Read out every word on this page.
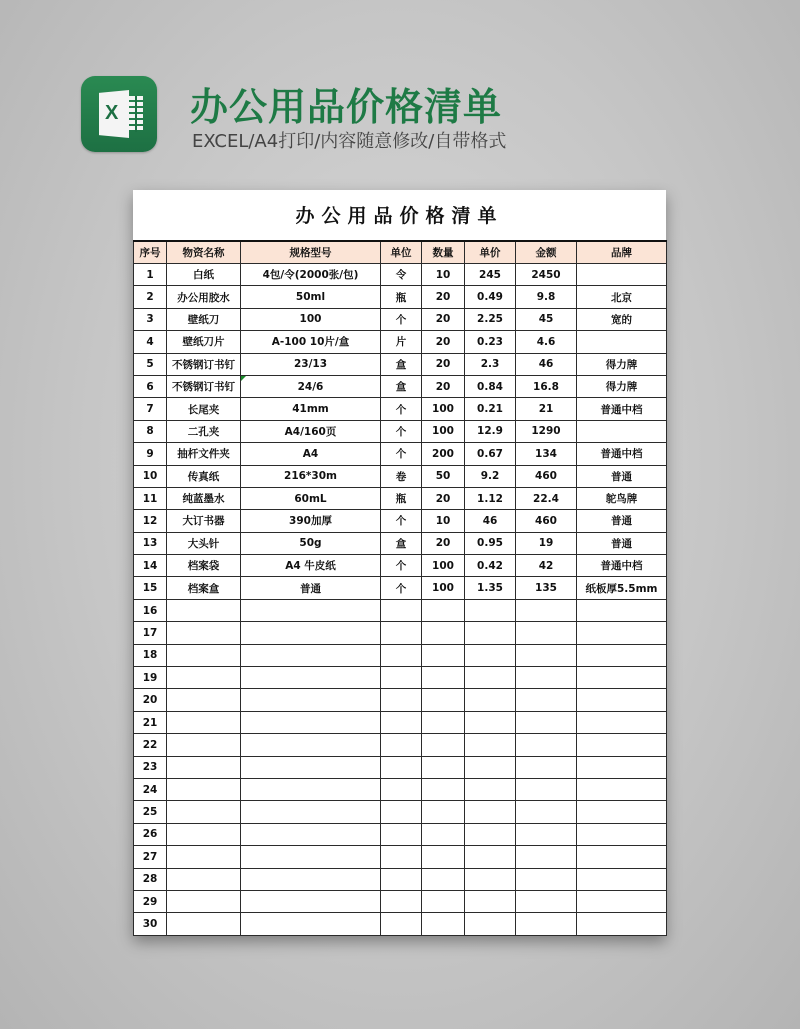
X 办公用品价格清单
EXCEL/A4打印/内容随意修改/自带格式
办公用品价格清单
序号	物资名称	规格型号	单位	数量	单价	金额	品牌
1	白纸	4包/令(2000张/包)	令	10	245	2450	
2	办公用胶水	50ml	瓶	20	0.49	9.8	北京
3	壁纸刀	100	个	20	2.25	45	宽的
4	壁纸刀片	A-100 10片/盒	片	20	0.23	4.6	
5	不锈钢订书钉	23/13	盒	20	2.3	46	得力牌
6	不锈钢订书钉	24/6	盒	20	0.84	16.8	得力牌
7	长尾夹	41mm	个	100	0.21	21	普通中档
8	二孔夹	A4/160页	个	100	12.9	1290	
9	抽杆文件夹	A4	个	200	0.67	134	普通中档
10	传真纸	216*30m	卷	50	9.2	460	普通
11	纯蓝墨水	60mL	瓶	20	1.12	22.4	鸵鸟牌
12	大订书器	390加厚	个	10	46	460	普通
13	大头针	50g	盒	20	0.95	19	普通
14	档案袋	A4 牛皮纸	个	100	0.42	42	普通中档
15	档案盒	普通	个	100	1.35	135	纸板厚5.5mm
16							
17							
18							
19							
20							
21							
22							
23							
24							
25							
26							
27							
28							
29							
30							
